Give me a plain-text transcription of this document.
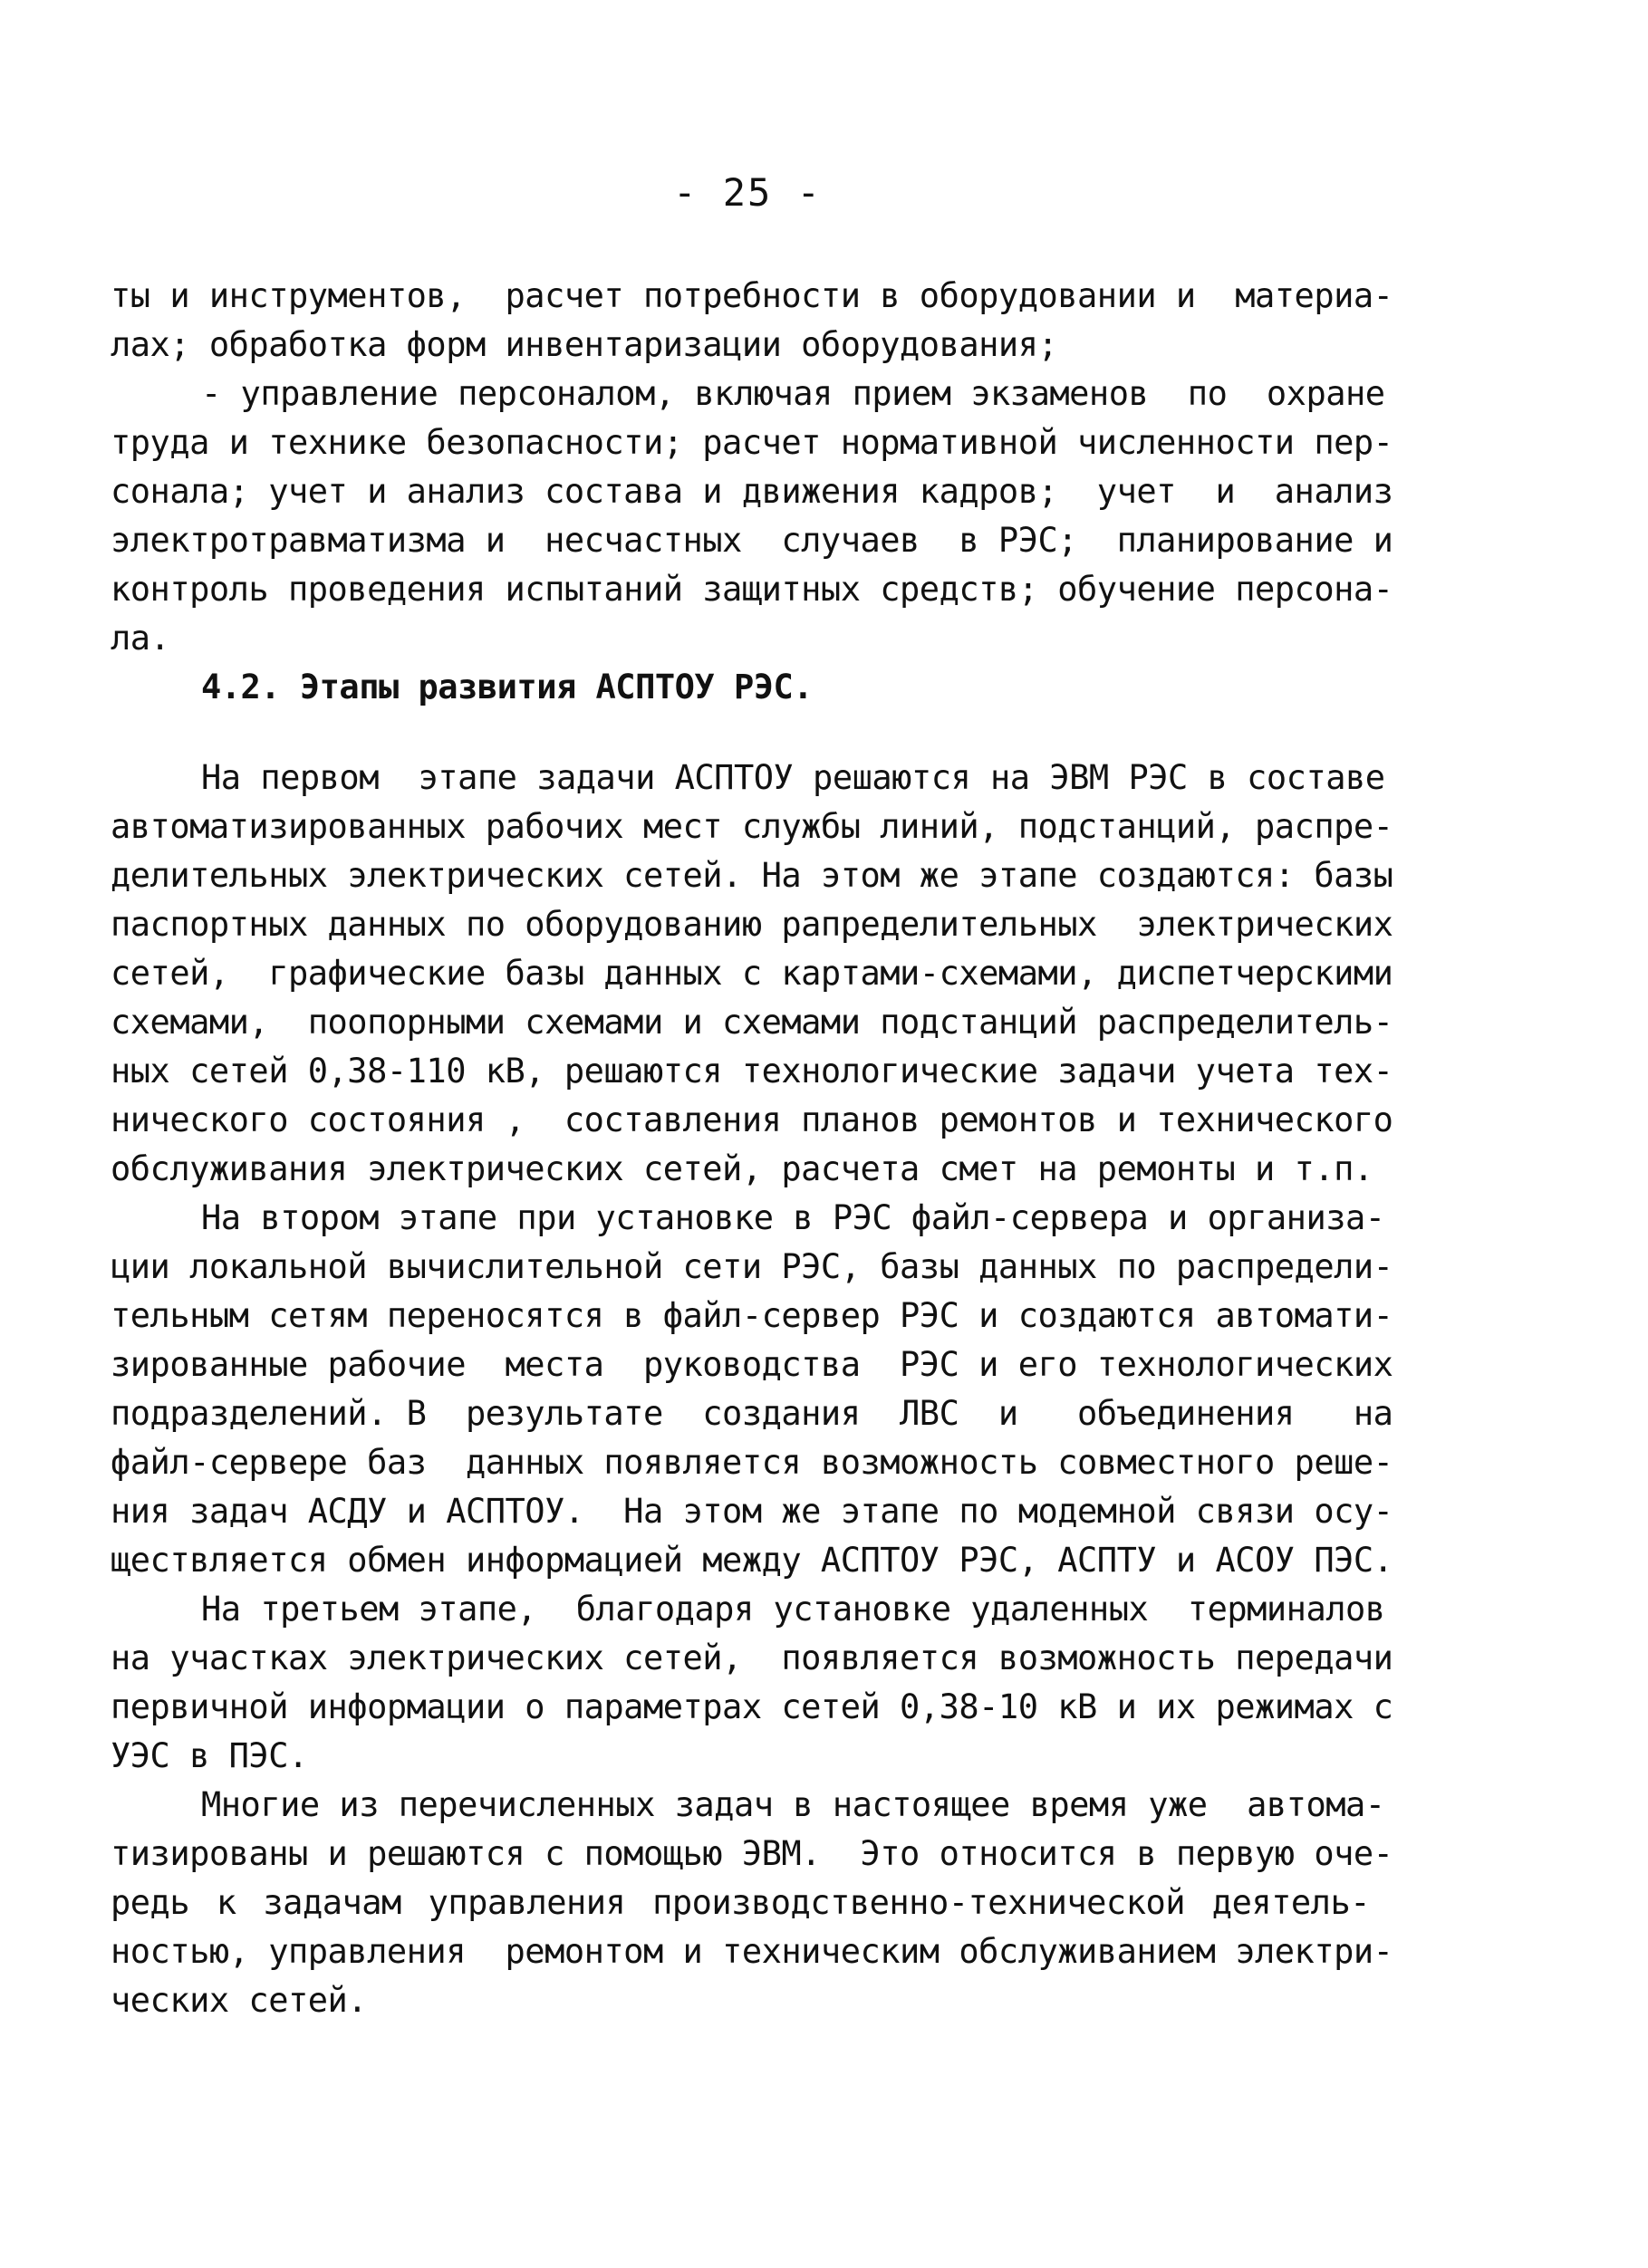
- 25 -
ты и инструментов,  расчет потребности в оборудовании и  материа-
лах; обработка форм инвентаризации оборудования;
- управление персоналом, включая прием экзаменов  по  охране
труда и технике безопасности; расчет нормативной численности пер-
сонала; учет и анализ состава и движения кадров;  учет  и  анализ
электротравматизма и  несчастных  случаев  в РЭС;  планирование и
контроль проведения испытаний защитных средств; обучение персона-
ла.
4.2. Этапы развития АСПТОУ РЭС.
На первом  этапе задачи АСПТОУ решаются на ЭВМ РЭС в составе
автоматизированных рабочих мест службы линий, подстанций, распре-
делительных электрических сетей. На этом же этапе создаются: базы
паспортных данных по оборудованию рапределительных  электрических
сетей,  графические базы данных с картами-схемами, диспетчерскими
схемами,  поопорными схемами и схемами подстанций распределитель-
ных сетей 0,38-110 кВ, решаются технологические задачи учета тех-
нического состояния ,  составления планов ремонтов и технического
обслуживания электрических сетей, расчета смет на ремонты и т.п.
На втором этапе при установке в РЭС файл-сервера и организа-
ции локальной вычислительной сети РЭС, базы данных по распредели-
тельным сетям переносятся в файл-сервер РЭС и создаются автомати-
зированные рабочие  места  руководства  РЭС и его технологических
подразделений. В  результате  создания  ЛВС  и   объединения   на
файл-сервере баз  данных появляется возможность совместного реше-
ния задач АСДУ и АСПТОУ.  На этом же этапе по модемной связи осу-
ществляется обмен информацией между АСПТОУ РЭС, АСПТУ и АСОУ ПЭС.
На третьем этапе,  благодаря установке удаленных  терминалов
на участках электрических сетей,  появляется возможность передачи
первичной информации о параметрах сетей 0,38-10 кВ и их режимах с
УЭС в ПЭС.
Многие из перечисленных задач в настоящее время уже  автома-
тизированы и решаются с помощью ЭВМ.  Это относится в первую оче-
редь к задачам управления производственно-технической деятель-
ностью, управления  ремонтом и техническим обслуживанием электри-
ческих сетей.
